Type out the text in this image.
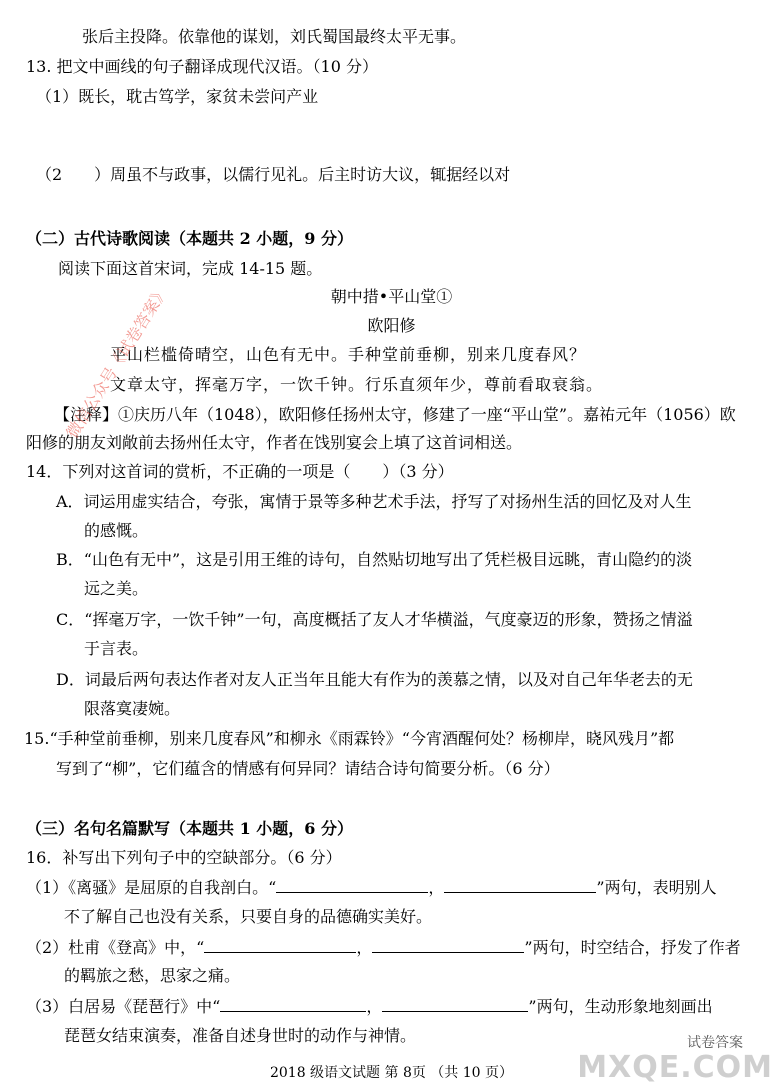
张后主投降。依靠他的谋划，刘氏蜀国最终太平无事。
13. 把文中画线的句子翻译成现代汉语。（10 分）
（1）既长，耽古笃学，家贫未尝问产业
（2　　）周虽不与政事，以儒行见礼。后主时访大议，辄据经以对
（二）古代诗歌阅读（本题共 2 小题，9 分）
阅读下面这首宋词，完成 14-15 题。
朝中措•平山堂①
欧阳修
平山栏槛倚晴空，山色有无中。手种堂前垂柳，别来几度春风？
文章太守，挥毫万字，一饮千钟。行乐直须年少，尊前看取衰翁。
【注释】①庆历八年（1048），欧阳修任扬州太守，修建了一座“平山堂”。嘉祐元年（1056）欧
阳修的朋友刘敞前去扬州任太守，作者在饯别宴会上填了这首词相送。
14．下列对这首词的赏析，不正确的一项是（　　）（3 分）
A．词运用虚实结合，夸张，寓情于景等多种艺术手法，抒写了对扬州生活的回忆及对人生
的感慨。
B．“山色有无中”，这是引用王维的诗句，自然贴切地写出了凭栏极目远眺，青山隐约的淡
远之美。
C．“挥毫万字，一饮千钟”一句，高度概括了友人才华横溢，气度豪迈的形象，赞扬之情溢
于言表。
D．词最后两句表达作者对友人正当年且能大有作为的羡慕之情，以及对自己年华老去的无
限落寞凄婉。
15.“手种堂前垂柳，别来几度春风”和柳永《雨霖铃》“今宵酒醒何处？杨柳岸，晓风残月”都
写到了“柳”，它们蕴含的情感有何异同？请结合诗句简要分析。（6 分）
（三）名句名篇默写（本题共 1 小题，6 分）
16．补写出下列句子中的空缺部分。（6 分）
（1）《离骚》是屈原的自我剖白。“	，	”两句，表明别人
不了解自己也没有关系，只要自身的品德确实美好。
（2）杜甫《登高》中，“	，	”两句，时空结合，抒发了作者
的羁旅之愁，思家之痛。
（3）白居易《琵琶行》中“	，	”两句，生动形象地刻画出
琵琶女结束演奏，准备自述身世时的动作与神情。
2018 级语文试题 第 8页 （共 10 页）
微信公众号《试卷答案》
试卷答案
MXQE.COM
